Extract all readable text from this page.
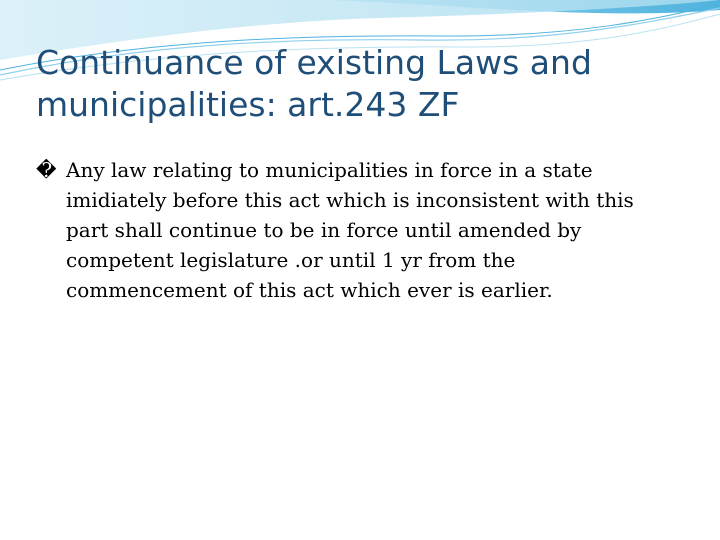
Continuance of existing Laws and municipalities: art.243 ZF

� Any law relating to municipalities in force in a state imidiately before this act which is inconsistent with this part shall continue to be in force until amended by competent legislature .or until 1 yr from the commencement of this act which ever is earlier.
